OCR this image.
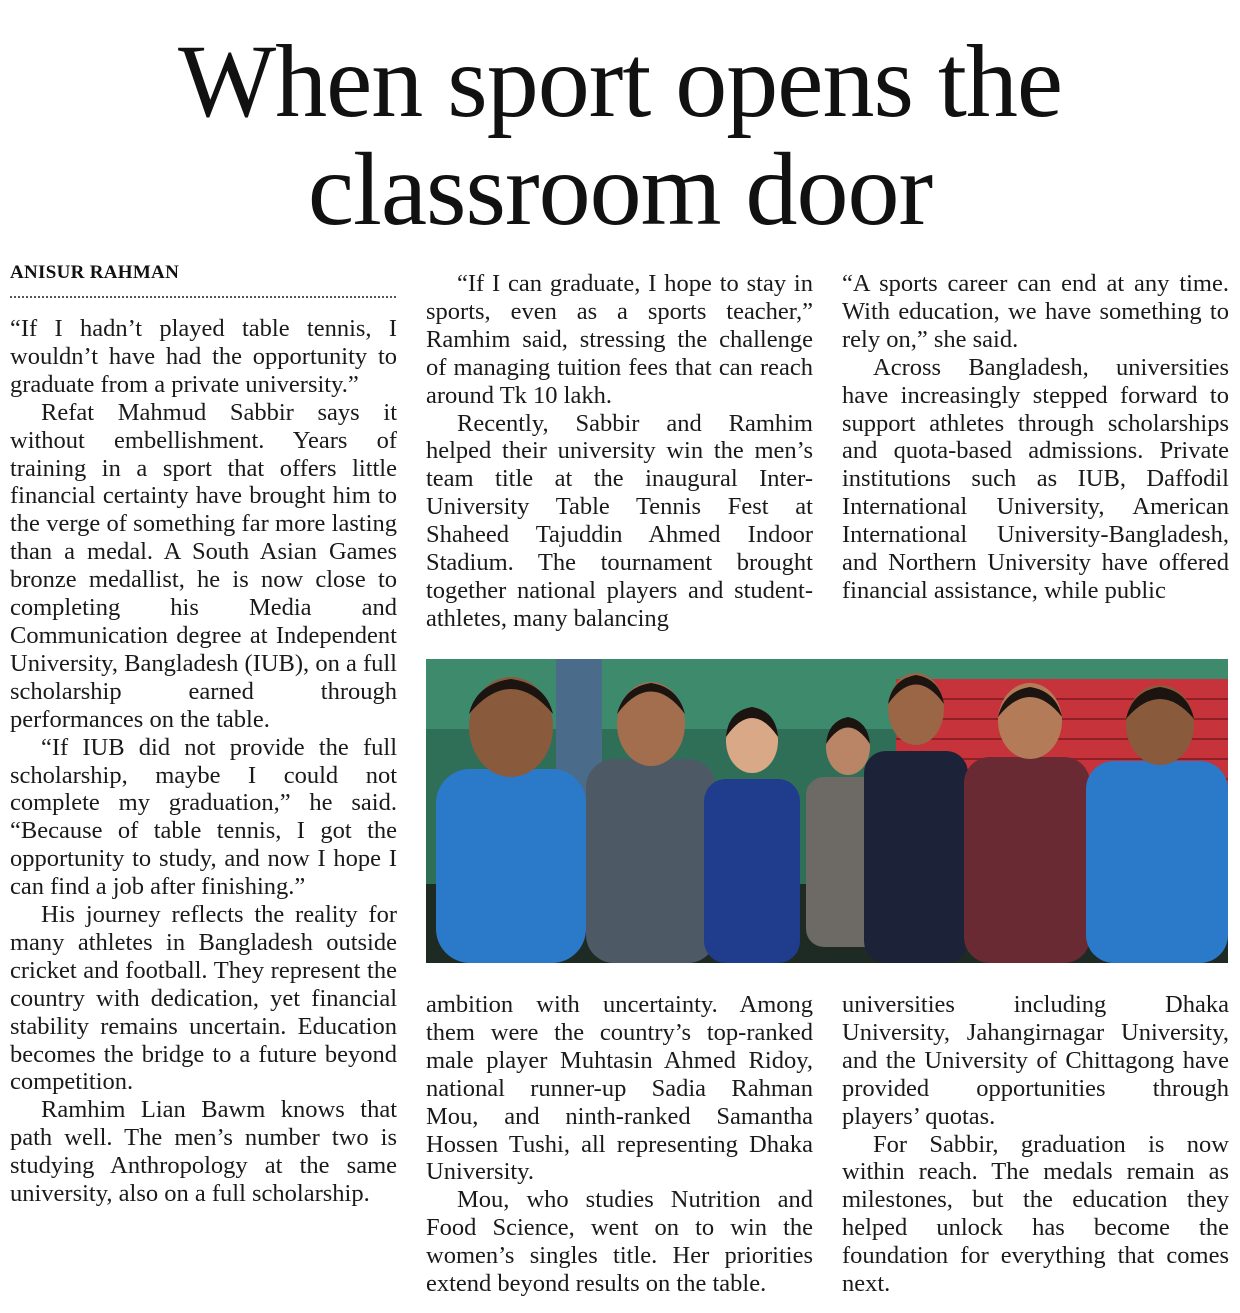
When sport opens the
classroom door
ANISUR RAHMAN

“If I hadn’t played table tennis, I wouldn’t have had the opportunity to graduate from a private university.”

Refat Mahmud Sabbir says it without embellishment. Years of training in a sport that offers little financial certainty have brought him to the verge of something far more lasting than a medal. A South Asian Games bronze medallist, he is now close to completing his Media and Communication degree at Independent University, Bangladesh (IUB), on a full scholarship earned through performances on the table.

“If IUB did not provide the full scholarship, maybe I could not complete my graduation,” he said. “Because of table tennis, I got the opportunity to study, and now I hope I can find a job after finishing.”

His journey reflects the reality for many athletes in Bangladesh outside cricket and football. They represent the country with dedication, yet financial stability remains uncertain. Education becomes the bridge to a future beyond competition.

Ramhim Lian Bawm knows that path well. The men’s number two is studying Anthropology at the same university, also on a full scholarship.

“If I can graduate, I hope to stay in sports, even as a sports teacher,” Ramhim said, stressing the challenge of managing tuition fees that can reach around Tk 10 lakh.

Recently, Sabbir and Ramhim helped their university win the men’s team title at the inaugural Inter-University Table Tennis Fest at Shaheed Tajuddin Ahmed Indoor Stadium. The tournament brought together national players and student-athletes, many balancing

“A sports career can end at any time. With education, we have something to rely on,” she said.

Across Bangladesh, universities have increasingly stepped forward to support athletes through scholarships and quota-based admissions. Private institutions such as IUB, Daffodil International University, American International University-Bangladesh, and Northern University have offered financial assistance, while public

ambition with uncertainty. Among them were the country’s top-ranked male player Muhtasin Ahmed Ridoy, national runner-up Sadia Rahman Mou, and ninth-ranked Samantha Hossen Tushi, all representing Dhaka University.

Mou, who studies Nutrition and Food Science, went on to win the women’s singles title. Her priorities extend beyond results on the table.

universities including Dhaka University, Jahangirnagar University, and the University of Chittagong have provided opportunities through players’ quotas.

For Sabbir, graduation is now within reach. The medals remain as milestones, but the education they helped unlock has become the foundation for everything that comes next.
